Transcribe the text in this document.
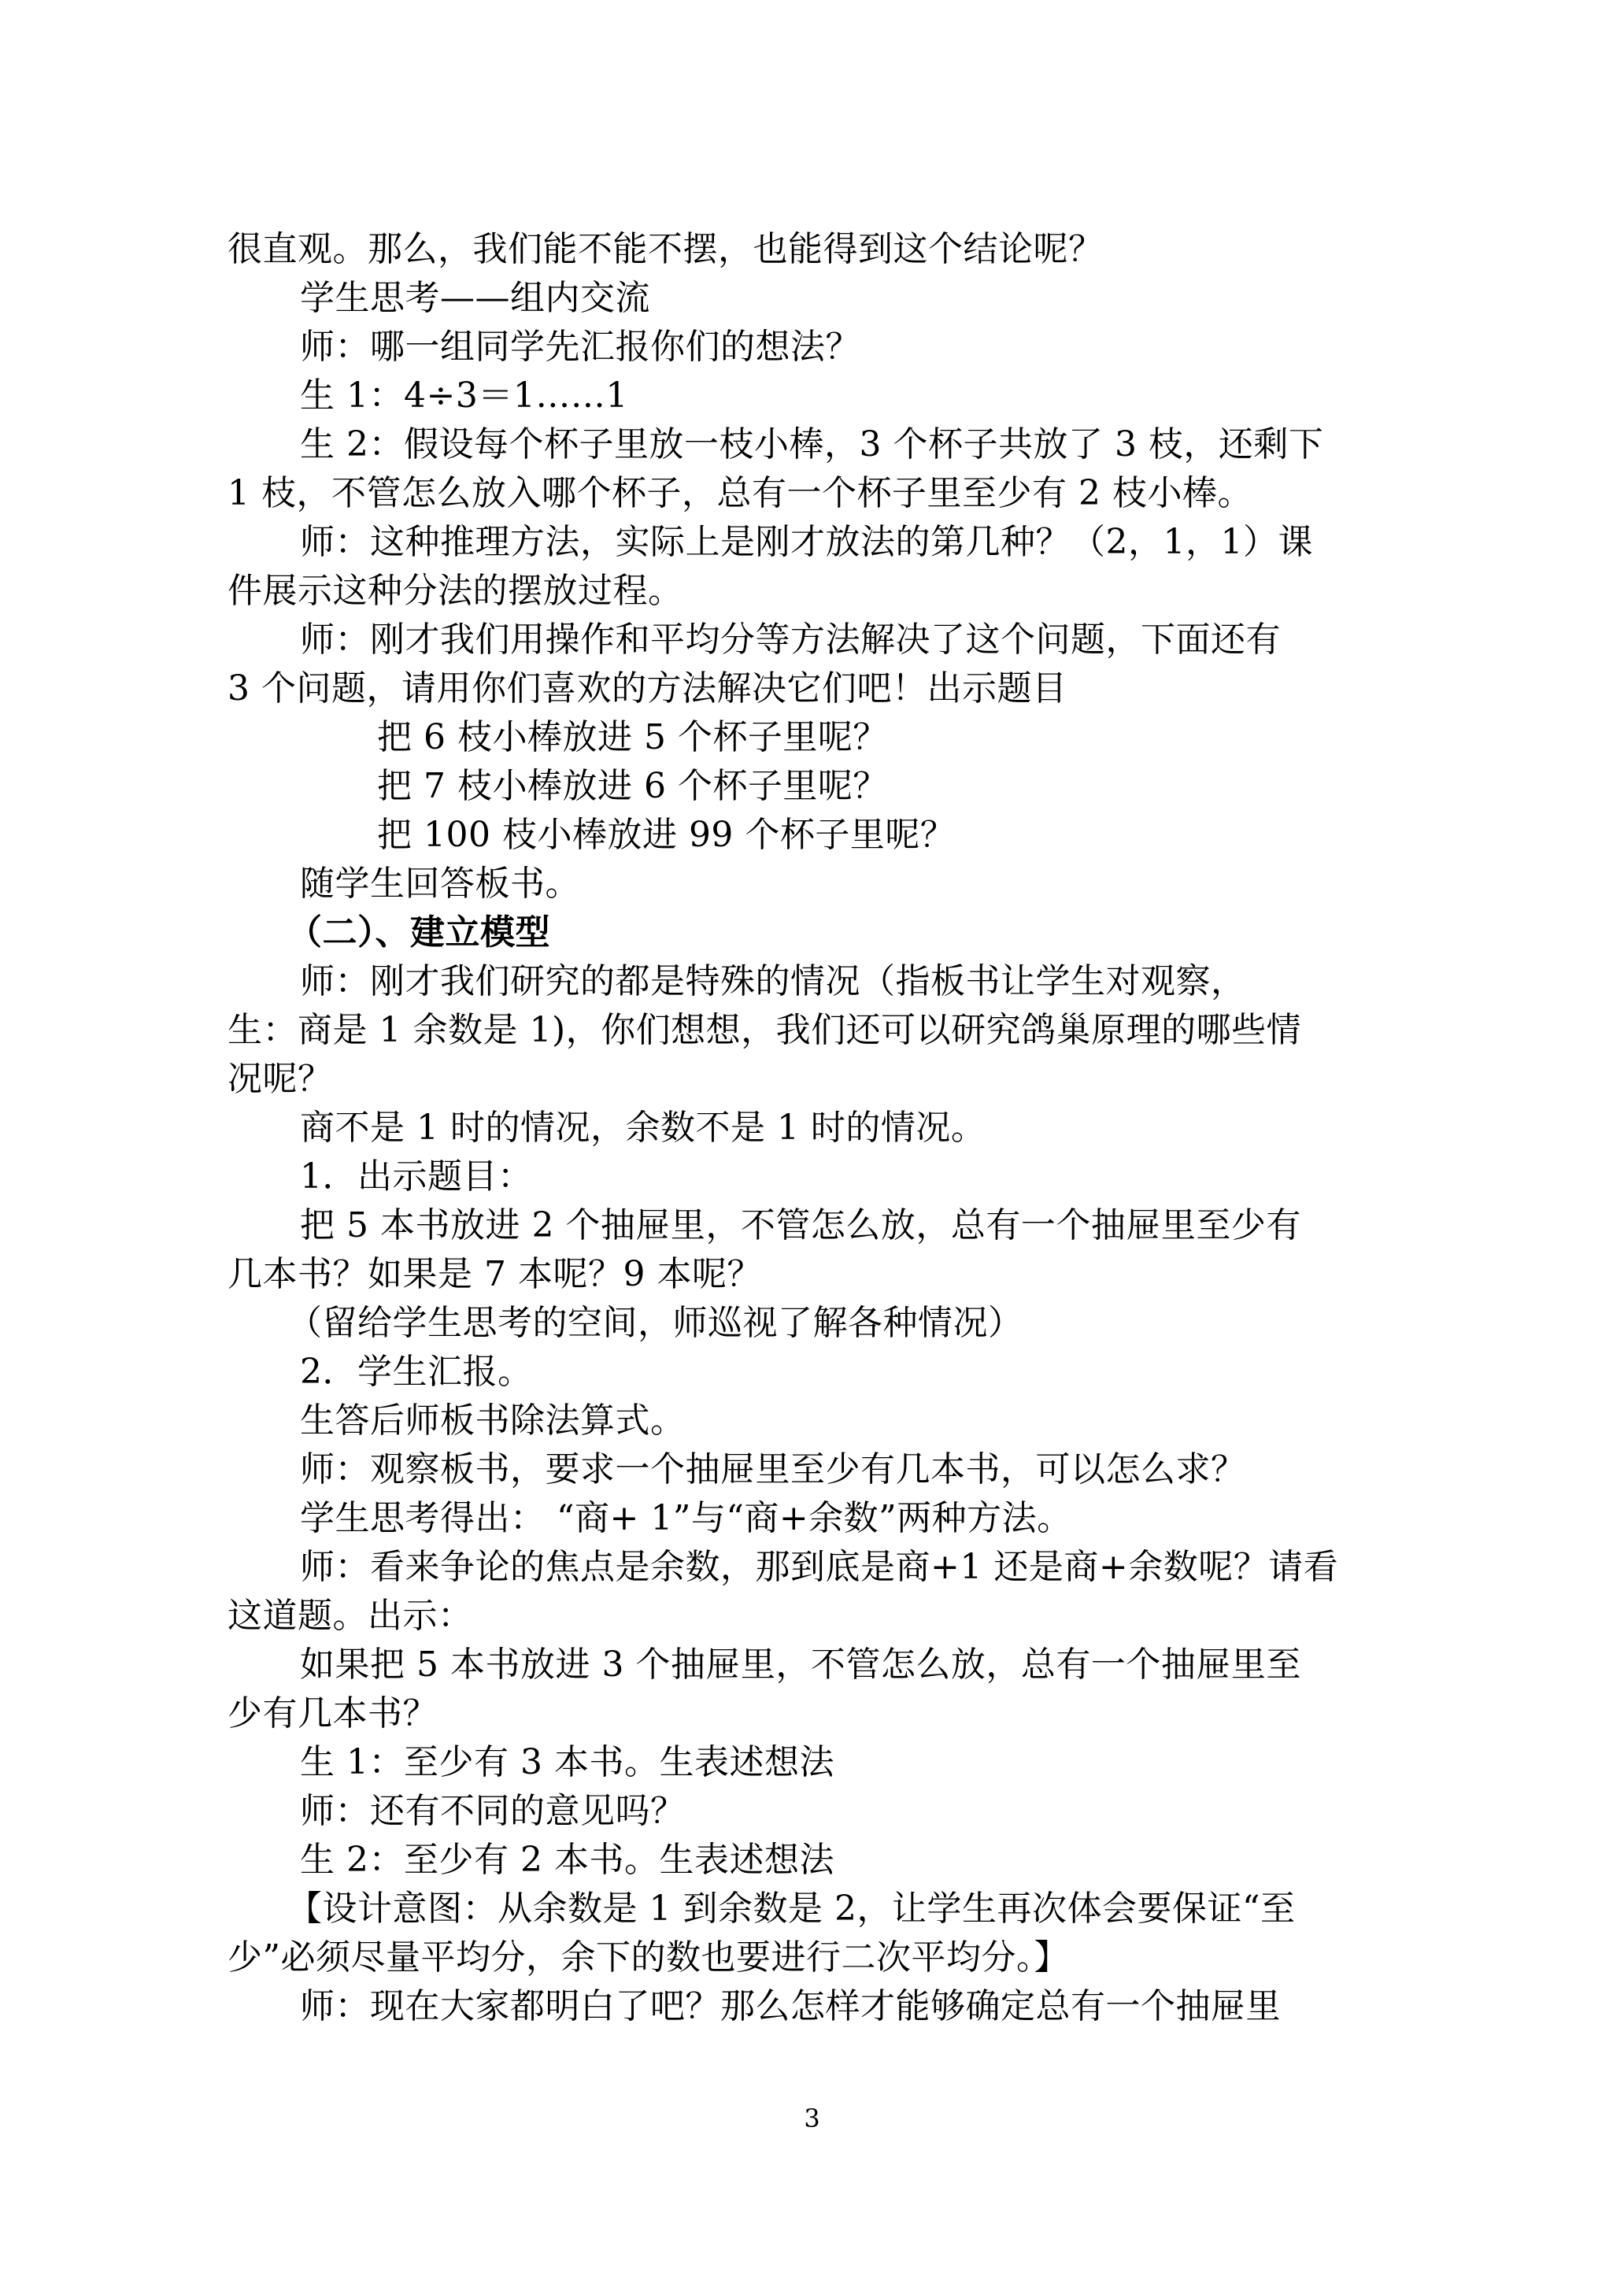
很直观。那么，我们能不能不摆，也能得到这个结论呢？
学生思考——组内交流
师：哪一组同学先汇报你们的想法？
生 1：4÷3＝1……1
生 2：假设每个杯子里放一枝小棒，3 个杯子共放了 3 枝，还剩下
1 枝，不管怎么放入哪个杯子，总有一个杯子里至少有 2 枝小棒。
师：这种推理方法，实际上是刚才放法的第几种？（2，1，1）课
件展示这种分法的摆放过程。
师：刚才我们用操作和平均分等方法解决了这个问题，下面还有
3 个问题，请用你们喜欢的方法解决它们吧！出示题目
把 6 枝小棒放进 5 个杯子里呢？
把 7 枝小棒放进 6 个杯子里呢？
把 100 枝小棒放进 99 个杯子里呢？
随学生回答板书。
（二）、建立模型
师：刚才我们研究的都是特殊的情况（指板书让学生对观察，
生：商是 1 余数是 1)，你们想想，我们还可以研究鸽巢原理的哪些情
况呢？
商不是 1 时的情况，余数不是 1 时的情况。
1．出示题目：
把 5 本书放进 2 个抽屉里，不管怎么放，总有一个抽屉里至少有
几本书？如果是 7 本呢？9 本呢？
（留给学生思考的空间，师巡视了解各种情况）
2．学生汇报。
生答后师板书除法算式。
师：观察板书，要求一个抽屉里至少有几本书，可以怎么求？
学生思考得出： “商+ 1”与“商+余数”两种方法。
师：看来争论的焦点是余数，那到底是商+1 还是商+余数呢？请看
这道题。出示：
如果把 5 本书放进 3 个抽屉里，不管怎么放，总有一个抽屉里至
少有几本书？
生 1：至少有 3 本书。生表述想法
师：还有不同的意见吗？
生 2：至少有 2 本书。生表述想法
【设计意图：从余数是 1 到余数是 2，让学生再次体会要保证“至
少”必须尽量平均分，余下的数也要进行二次平均分。】
师：现在大家都明白了吧？那么怎样才能够确定总有一个抽屉里
3
